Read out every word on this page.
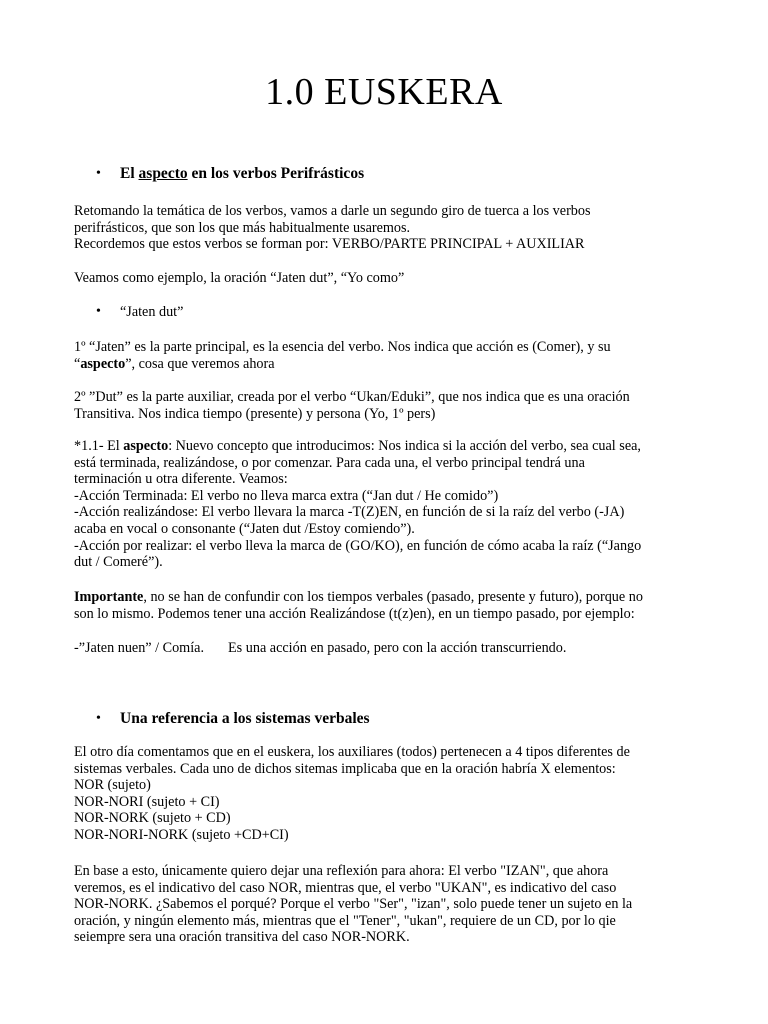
1.0 EUSKERA
• El aspecto en los verbos Perifrásticos

Retomando la temática de los verbos, vamos a darle un segundo giro de tuerca a los verbos

perifrásticos, que son los que más habitualmente usaremos.

Recordemos que estos verbos se forman por: VERBO/PARTE PRINCIPAL + AUXILIAR

Veamos como ejemplo, la oración “Jaten dut”, “Yo como”

• “Jaten dut”

1º “Jaten” es la parte principal, es la esencia del verbo. Nos indica que acción es (Comer), y su

“aspecto”, cosa que veremos ahora

2º ”Dut” es la parte auxiliar, creada por el verbo “Ukan/Eduki”, que nos indica que es una oración

Transitiva. Nos indica tiempo (presente) y persona (Yo, 1º pers)

*1.1- El aspecto: Nuevo concepto que introducimos: Nos indica si la acción del verbo, sea cual sea,

está terminada, realizándose, o por comenzar. Para cada una, el verbo principal tendrá una

terminación u otra diferente. Veamos:

-Acción Terminada: El verbo no lleva marca extra (“Jan dut / He comido”)

-Acción realizándose: El verbo llevara la marca -T(Z)EN, en función de si la raíz del verbo (-JA)

acaba en vocal o consonante (“Jaten dut /Estoy comiendo”).

-Acción por realizar: el verbo lleva la marca de (GO/KO), en función de cómo acaba la raíz (“Jango

dut / Comeré”).

Importante, no se han de confundir con los tiempos verbales (pasado, presente y futuro), porque no

son lo mismo. Podemos tener una acción Realizándose (t(z)en), en un tiempo pasado, por ejemplo:

-”Jaten nuen” / Comía. Es una acción en pasado, pero con la acción transcurriendo.

• Una referencia a los sistemas verbales

El otro día comentamos que en el euskera, los auxiliares (todos) pertenecen a 4 tipos diferentes de

sistemas verbales. Cada uno de dichos sitemas implicaba que en la oración habría X elementos:

NOR (sujeto)

NOR-NORI (sujeto + CI)

NOR-NORK (sujeto + CD)

NOR-NORI-NORK (sujeto +CD+CI)

En base a esto, únicamente quiero dejar una reflexión para ahora: El verbo "IZAN", que ahora

veremos, es el indicativo del caso NOR, mientras que, el verbo "UKAN", es indicativo del caso

NOR-NORK. ¿Sabemos el porqué? Porque el verbo "Ser", "izan", solo puede tener un sujeto en la

oración, y ningún elemento más, mientras que el "Tener", "ukan", requiere de un CD, por lo qie

seiempre sera una oración transitiva del caso NOR-NORK.
